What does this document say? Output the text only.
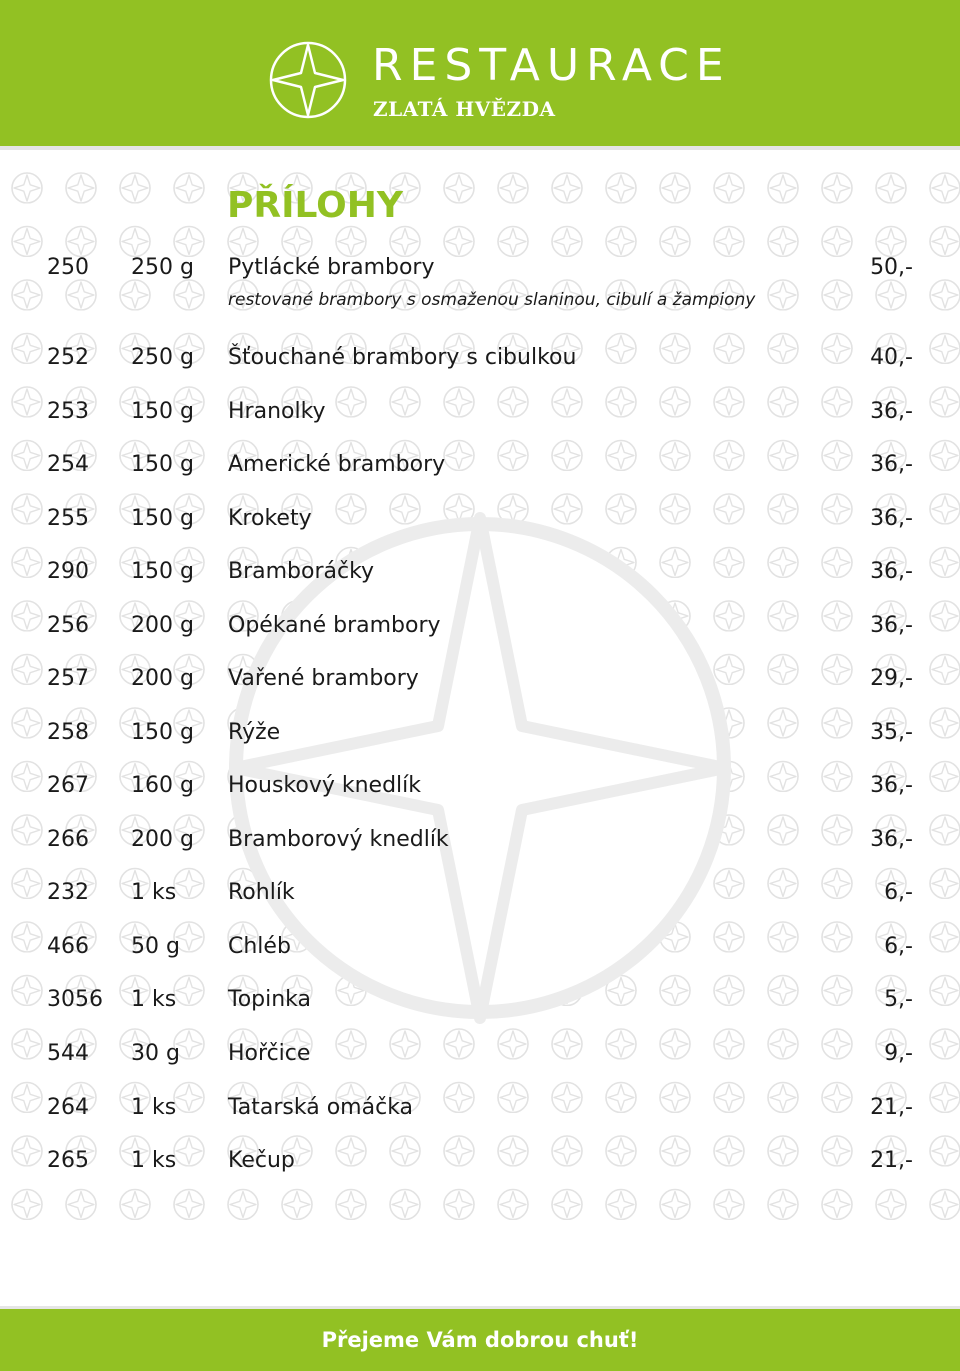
RESTAURACE
ZLATÁ HVĚZDA
PŘÍLOHY
250 250 g Pytlácké brambory	50,-
252 250 g Šťouchané brambory s cibulkou	40,-
253 150 g Hranolky	36,-
254 150 g Americké brambory	36,-
255 150 g Krokety	36,-
290 150 g Bramboráčky	36,-
256 200 g Opékané brambory	36,-
257 200 g Vařené brambory	29,-
258 150 g Rýže	35,-
267 160 g Houskový knedlík	36,-
266 200 g Bramborový knedlík	36,-
232 1 ks Rohlík	6,-
466 50 g Chléb	6,-
3056 1 ks Topinka	5,-
544 30 g Hořčice	9,-
264 1 ks Tatarská omáčka	21,-
265 1 ks Kečup	21,-
restované brambory s osmaženou slaninou, cibulí a žampiony
Přejeme Vám dobrou chuť!
